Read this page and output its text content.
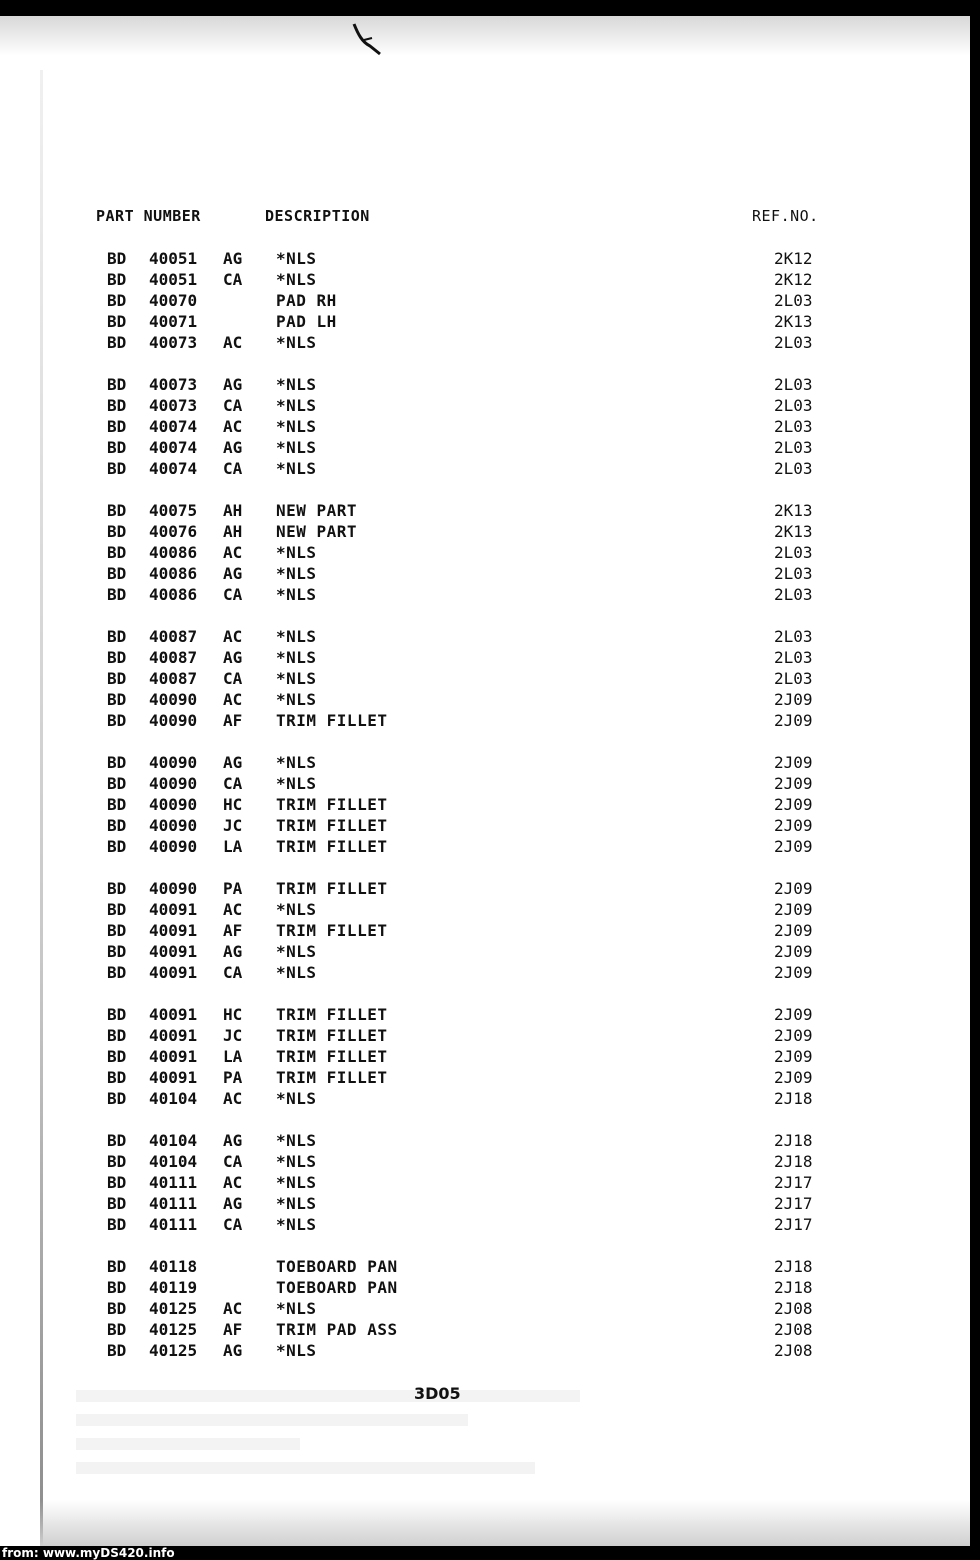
PART NUMBER	DESCRIPTION	REF.NO.
BD 40051 AG *NLS	2K12
BD 40051 CA *NLS	2K12
BD 40070	PAD RH	2L03
BD 40071	PAD LH	2K13
BD 40073 AC *NLS	2L03
BD 40073 AG *NLS	2L03
BD 40073 CA *NLS	2L03
BD 40074 AC *NLS	2L03
BD 40074 AG *NLS	2L03
BD 40074 CA *NLS	2L03
BD 40075 AH NEW PART	2K13
BD 40076 AH NEW PART	2K13
BD 40086 AC *NLS	2L03
BD 40086 AG *NLS	2L03
BD 40086 CA *NLS	2L03
BD 40087 AC *NLS	2L03
BD 40087 AG *NLS	2L03
BD 40087 CA *NLS	2L03
BD 40090 AC *NLS	2J09
BD 40090 AF TRIM FILLET	2J09
BD 40090 AG *NLS	2J09
BD 40090 CA *NLS	2J09
BD 40090 HC TRIM FILLET	2J09
BD 40090 JC TRIM FILLET	2J09
BD 40090 LA TRIM FILLET	2J09
BD 40090 PA TRIM FILLET	2J09
BD 40091 AC *NLS	2J09
BD 40091 AF TRIM FILLET	2J09
BD 40091 AG *NLS	2J09
BD 40091 CA *NLS	2J09
BD 40091 HC TRIM FILLET	2J09
BD 40091 JC TRIM FILLET	2J09
BD 40091 LA TRIM FILLET	2J09
BD 40091 PA TRIM FILLET	2J09
BD 40104 AC *NLS	2J18
BD 40104 AG *NLS	2J18
BD 40104 CA *NLS	2J18
BD 40111 AC *NLS	2J17
BD 40111 AG *NLS	2J17
BD 40111 CA *NLS	2J17
BD 40118	TOEBOARD PAN	2J18
BD 40119	TOEBOARD PAN	2J18
BD 40125 AC *NLS	2J08
BD 40125 AF TRIM PAD ASS	2J08
BD 40125 AG *NLS	2J08
3D05
from: www.myDS420.info
